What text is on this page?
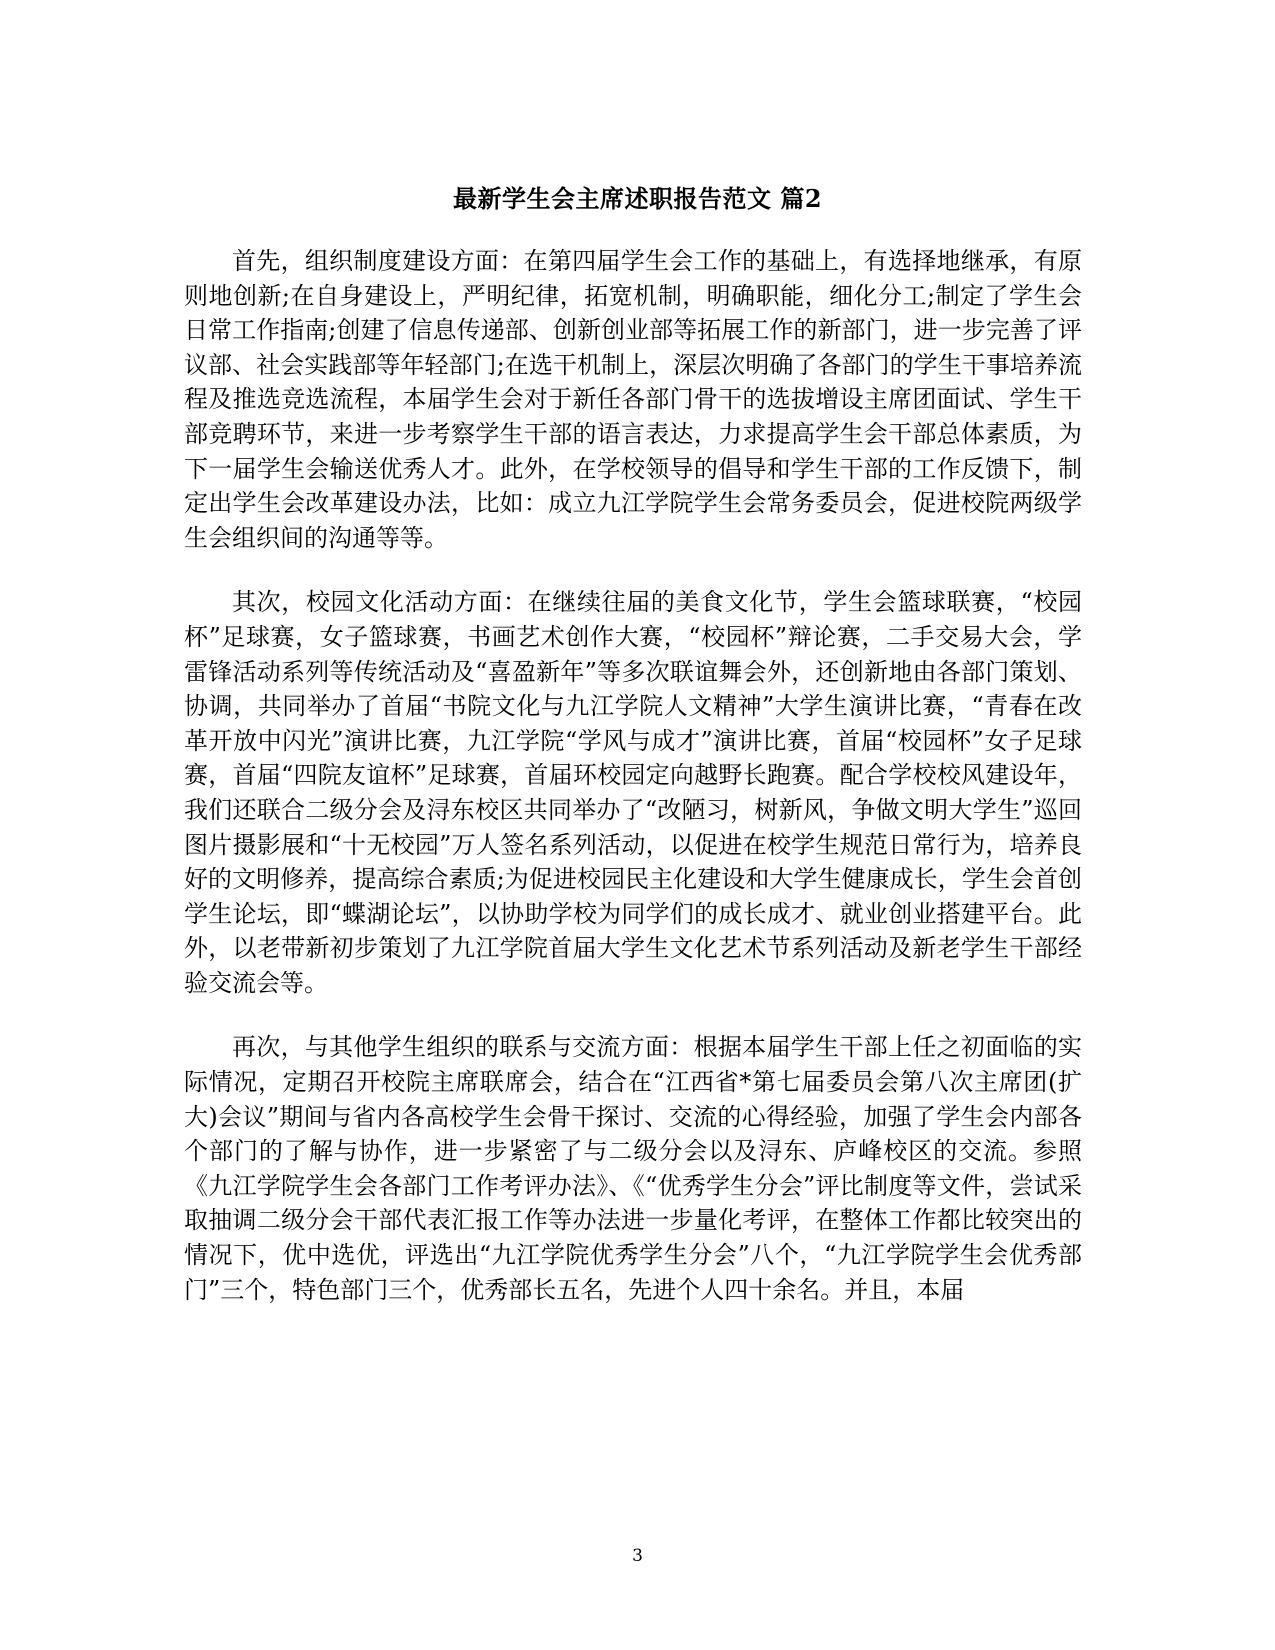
最新学生会主席述职报告范文 篇2

首先，组织制度建设方面：在第四届学生会工作的基础上，有选择地继承，有原则地创新;在自身建设上，严明纪律，拓宽机制，明确职能，细化分工;制定了学生会日常工作指南;创建了信息传递部、创新创业部等拓展工作的新部门，进一步完善了评议部、社会实践部等年轻部门;在选干机制上，深层次明确了各部门的学生干事培养流程及推选竞选流程，本届学生会对于新任各部门骨干的选拔增设主席团面试、学生干部竞聘环节，来进一步考察学生干部的语言表达，力求提高学生会干部总体素质，为下一届学生会输送优秀人才。此外，在学校领导的倡导和学生干部的工作反馈下，制定出学生会改革建设办法，比如：成立九江学院学生会常务委员会，促进校院两级学生会组织间的沟通等等。

其次，校园文化活动方面：在继续往届的美食文化节，学生会篮球联赛，“校园杯”足球赛，女子篮球赛，书画艺术创作大赛，“校园杯”辩论赛，二手交易大会，学雷锋活动系列等传统活动及“喜盈新年”等多次联谊舞会外，还创新地由各部门策划、协调，共同举办了首届“书院文化与九江学院人文精神”大学生演讲比赛，“青春在改革开放中闪光”演讲比赛，九江学院“学风与成才”演讲比赛，首届“校园杯”女子足球赛，首届“四院友谊杯”足球赛，首届环校园定向越野长跑赛。配合学校校风建设年，我们还联合二级分会及浔东校区共同举办了“改陋习，树新风，争做文明大学生”巡回图片摄影展和“十无校园”万人签名系列活动，以促进在校学生规范日常行为，培养良好的文明修养，提高综合素质;为促进校园民主化建设和大学生健康成长，学生会首创学生论坛，即“蝶湖论坛”，以协助学校为同学们的成长成才、就业创业搭建平台。此外，以老带新初步策划了九江学院首届大学生文化艺术节系列活动及新老学生干部经验交流会等。

再次，与其他学生组织的联系与交流方面：根据本届学生干部上任之初面临的实际情况，定期召开校院主席联席会，结合在“江西省*第七届委员会第八次主席团(扩大)会议”期间与省内各高校学生会骨干探讨、交流的心得经验，加强了学生会内部各个部门的了解与协作，进一步紧密了与二级分会以及浔东、庐峰校区的交流。参照《九江学院学生会各部门工作考评办法》、《“优秀学生分会”评比制度等文件，尝试采取抽调二级分会干部代表汇报工作等办法进一步量化考评，在整体工作都比较突出的情况下，优中选优，评选出“九江学院优秀学生分会”八个，“九江学院学生会优秀部门”三个，特色部门三个，优秀部长五名，先进个人四十余名。并且，本届

3
